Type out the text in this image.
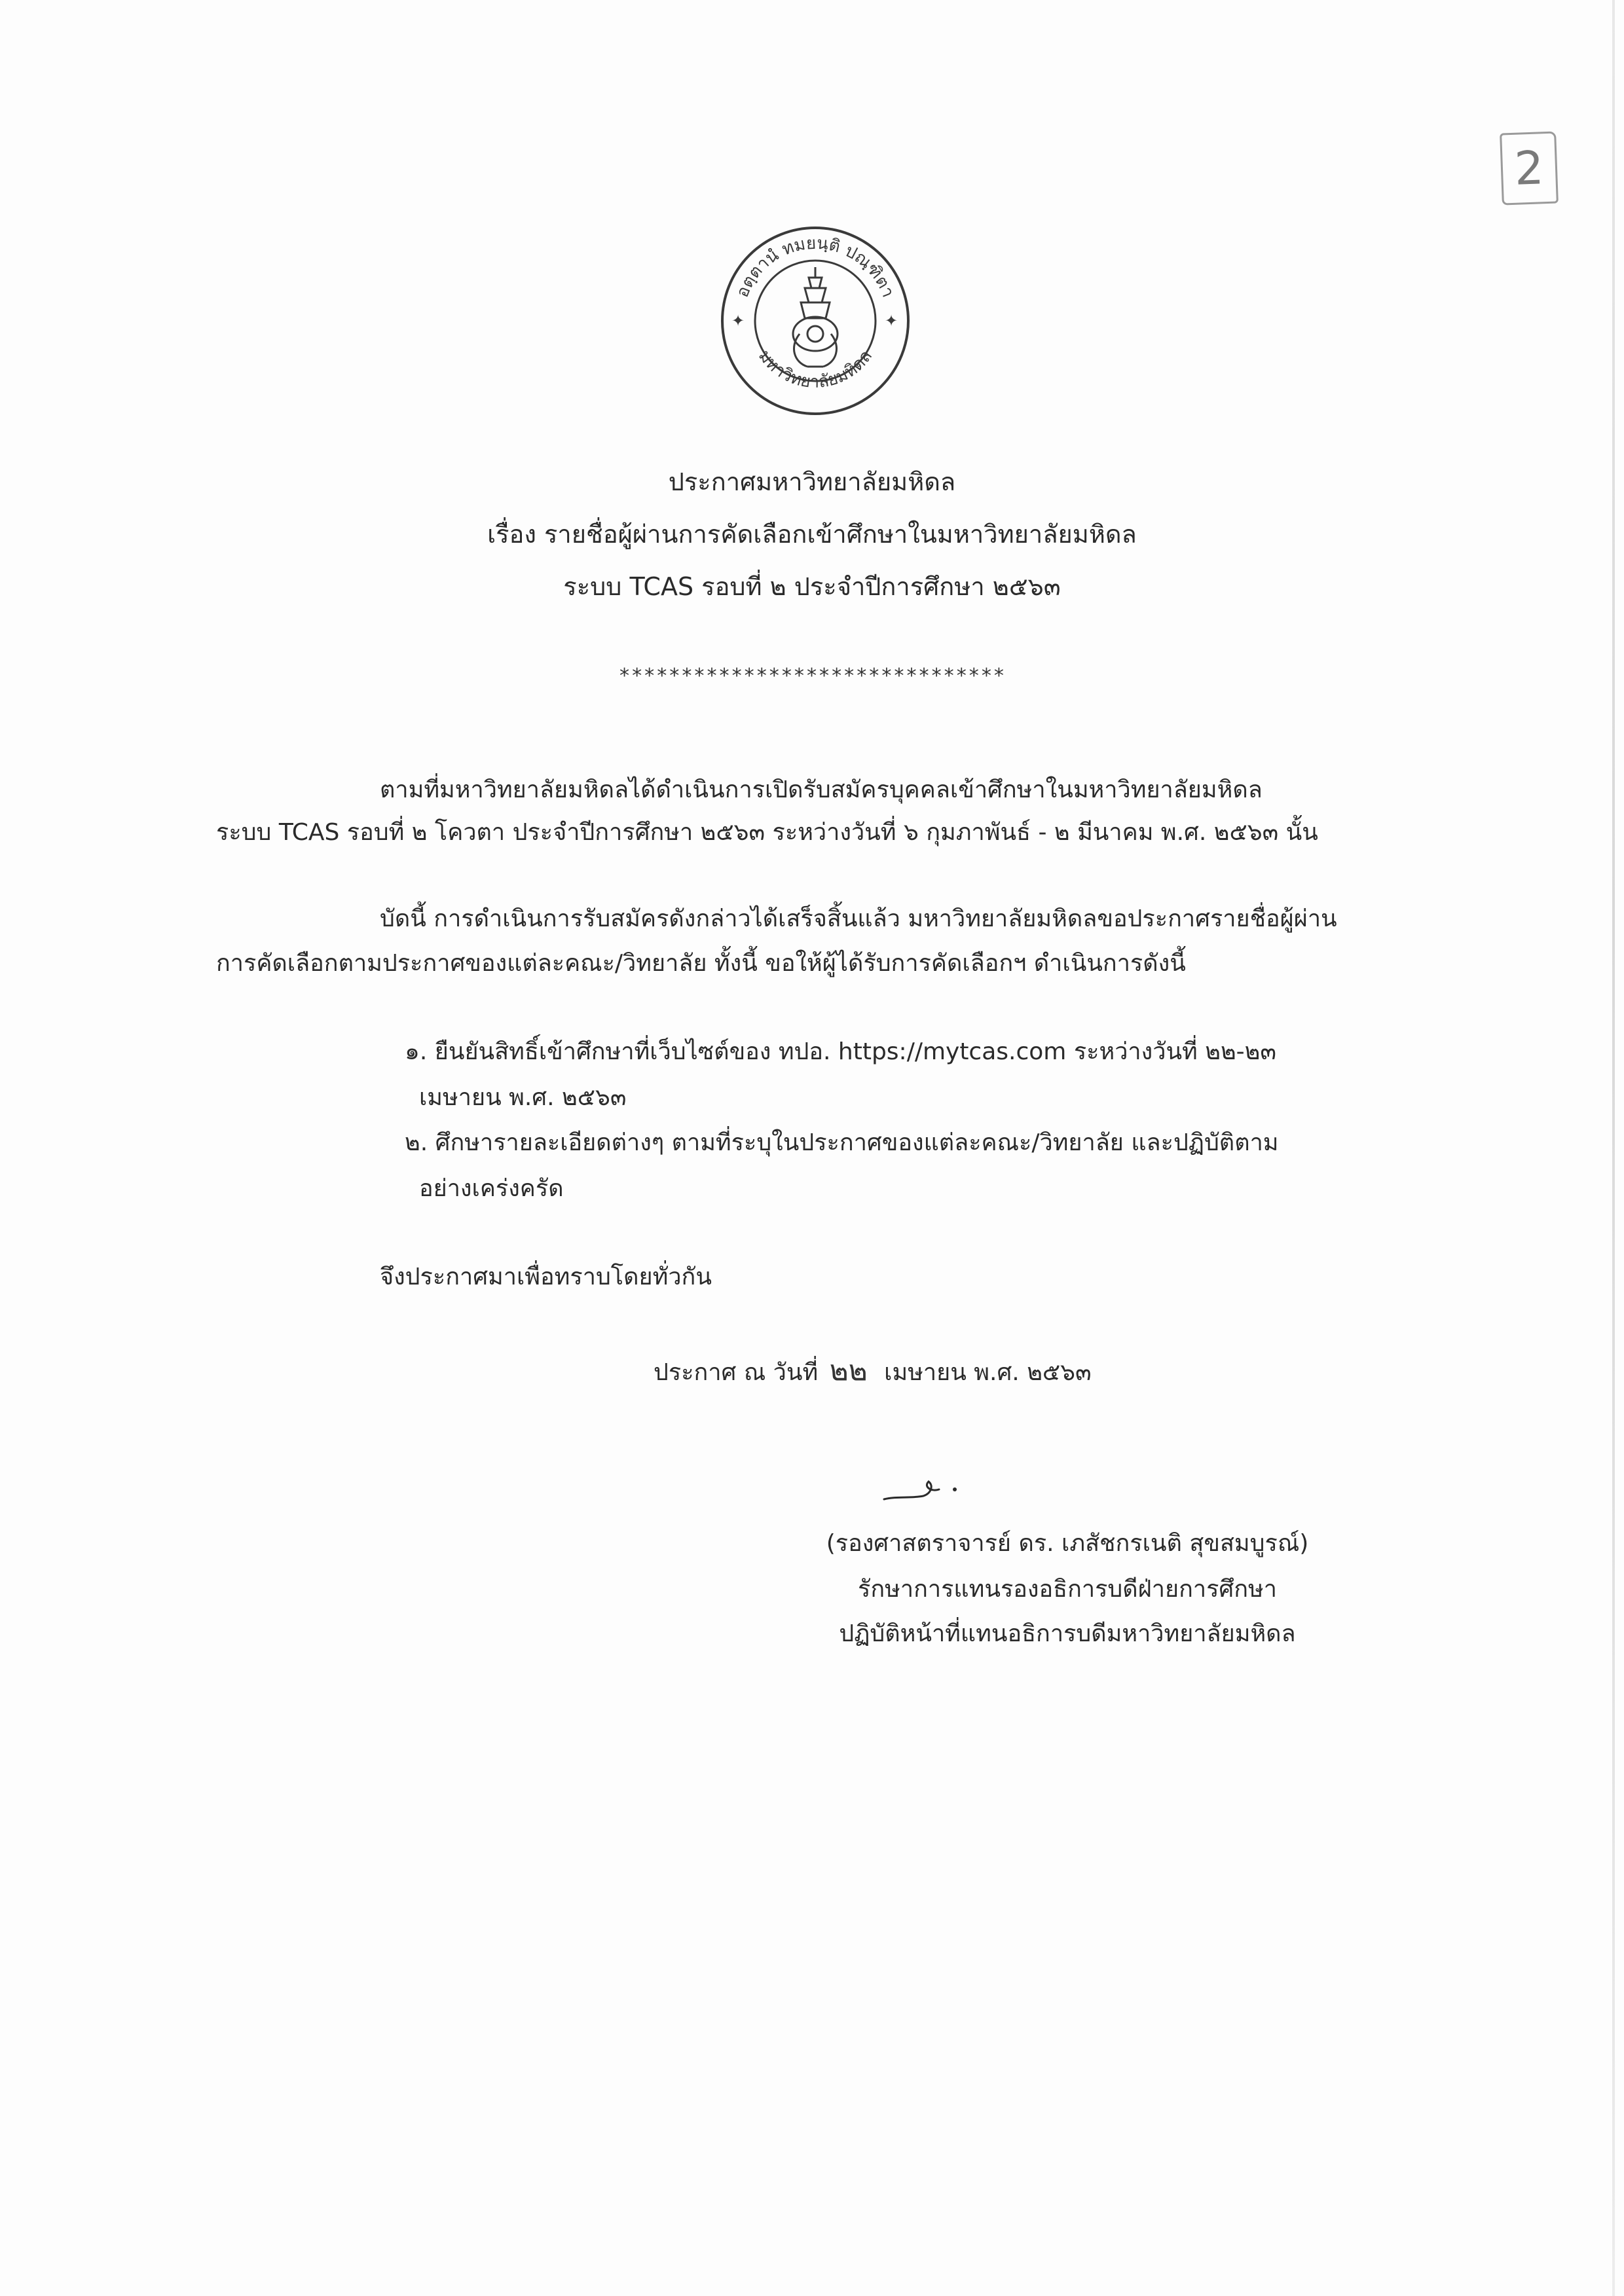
2
อตฺตานํ ทมยนฺติ ปณฺฑิตา
มหาวิทยาลัยมหิดล
✦	✦
ประกาศมหาวิทยาลัยมหิดล
เรื่อง รายชื่อผู้ผ่านการคัดเลือกเข้าศึกษาในมหาวิทยาลัยมหิดล
ระบบ TCAS รอบที่ ๒ ประจำปีการศึกษา ๒๕๖๓
*******************************
ตามที่มหาวิทยาลัยมหิดลได้ดำเนินการเปิดรับสมัครบุคคลเข้าศึกษาในมหาวิทยาลัยมหิดล
ระบบ TCAS รอบที่ ๒ โควตา ประจำปีการศึกษา ๒๕๖๓ ระหว่างวันที่ ๖ กุมภาพันธ์ - ๒ มีนาคม พ.ศ. ๒๕๖๓ นั้น
บัดนี้ การดำเนินการรับสมัครดังกล่าวได้เสร็จสิ้นแล้ว มหาวิทยาลัยมหิดลขอประกาศรายชื่อผู้ผ่าน
การคัดเลือกตามประกาศของแต่ละคณะ/วิทยาลัย ทั้งนี้ ขอให้ผู้ได้รับการคัดเลือกฯ ดำเนินการดังนี้
๑. ยืนยันสิทธิ์เข้าศึกษาที่เว็บไซต์ของ ทปอ. https://mytcas.com ระหว่างวันที่ ๒๒-๒๓
เมษายน พ.ศ. ๒๕๖๓
๒. ศึกษารายละเอียดต่างๆ ตามที่ระบุในประกาศของแต่ละคณะ/วิทยาลัย และปฏิบัติตาม
อย่างเคร่งครัด
จึงประกาศมาเพื่อทราบโดยทั่วกัน
ประกาศ ณ วันที่ ๒๒ เมษายน พ.ศ. ๒๕๖๓
(รองศาสตราจารย์ ดร. เภสัชกรเนติ สุขสมบูรณ์)
รักษาการแทนรองอธิการบดีฝ่ายการศึกษา
ปฏิบัติหน้าที่แทนอธิการบดีมหาวิทยาลัยมหิดล
